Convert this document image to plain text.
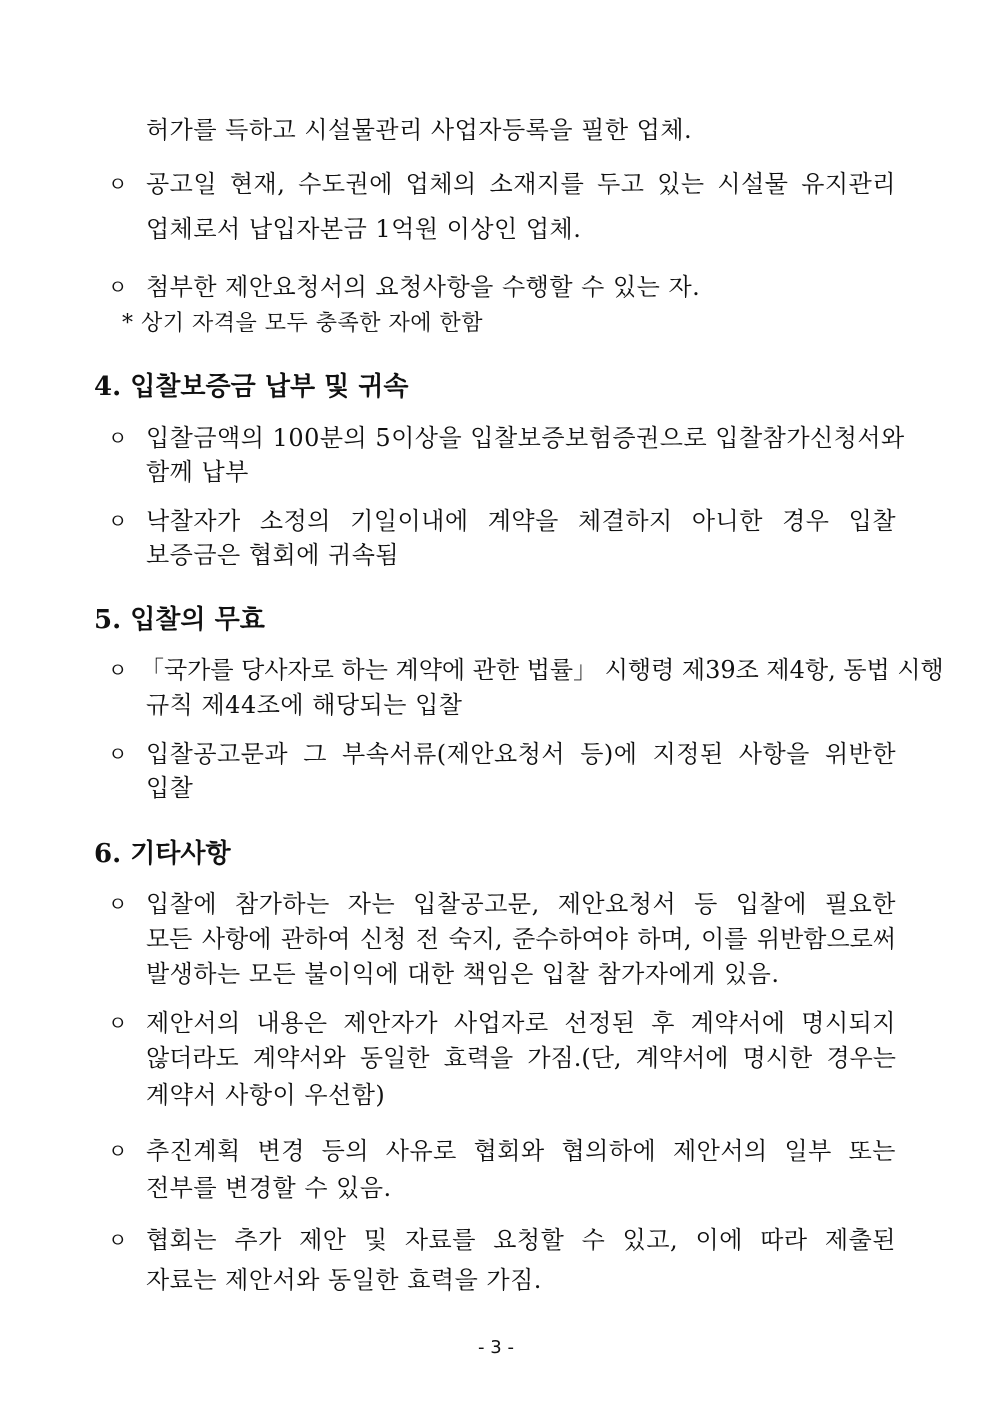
허가를 득하고 시설물관리 사업자등록을 필한 업체.
ㅇ 공고일 현재, 수도권에 업체의 소재지를 두고 있는 시설물 유지관리
업체로서 납입자본금 1억원 이상인 업체.
ㅇ 첨부한 제안요청서의 요청사항을 수행할 수 있는 자.
* 상기 자격을 모두 충족한 자에 한함
4. 입찰보증금 납부 및 귀속
ㅇ 입찰금액의 100분의 5이상을 입찰보증보험증권으로 입찰참가신청서와
함께 납부
ㅇ 낙찰자가 소정의 기일이내에 계약을 체결하지 아니한 경우 입찰
보증금은 협회에 귀속됨
5. 입찰의 무효
ㅇ 「국가를 당사자로 하는 계약에 관한 법률」 시행령 제39조 제4항, 동법 시행
규칙 제44조에 해당되는 입찰
ㅇ 입찰공고문과 그 부속서류(제안요청서 등)에 지정된 사항을 위반한
입찰
6. 기타사항
ㅇ 입찰에 참가하는 자는 입찰공고문, 제안요청서 등 입찰에 필요한
모든 사항에 관하여 신청 전 숙지, 준수하여야 하며, 이를 위반함으로써
발생하는 모든 불이익에 대한 책임은 입찰 참가자에게 있음.
ㅇ 제안서의 내용은 제안자가 사업자로 선정된 후 계약서에 명시되지
않더라도 계약서와 동일한 효력을 가짐.(단, 계약서에 명시한 경우는
계약서 사항이 우선함)
ㅇ 추진계획 변경 등의 사유로 협회와 협의하에 제안서의 일부 또는
전부를 변경할 수 있음.
ㅇ 협회는 추가 제안 및 자료를 요청할 수 있고, 이에 따라 제출된
자료는 제안서와 동일한 효력을 가짐.
- 3 -
